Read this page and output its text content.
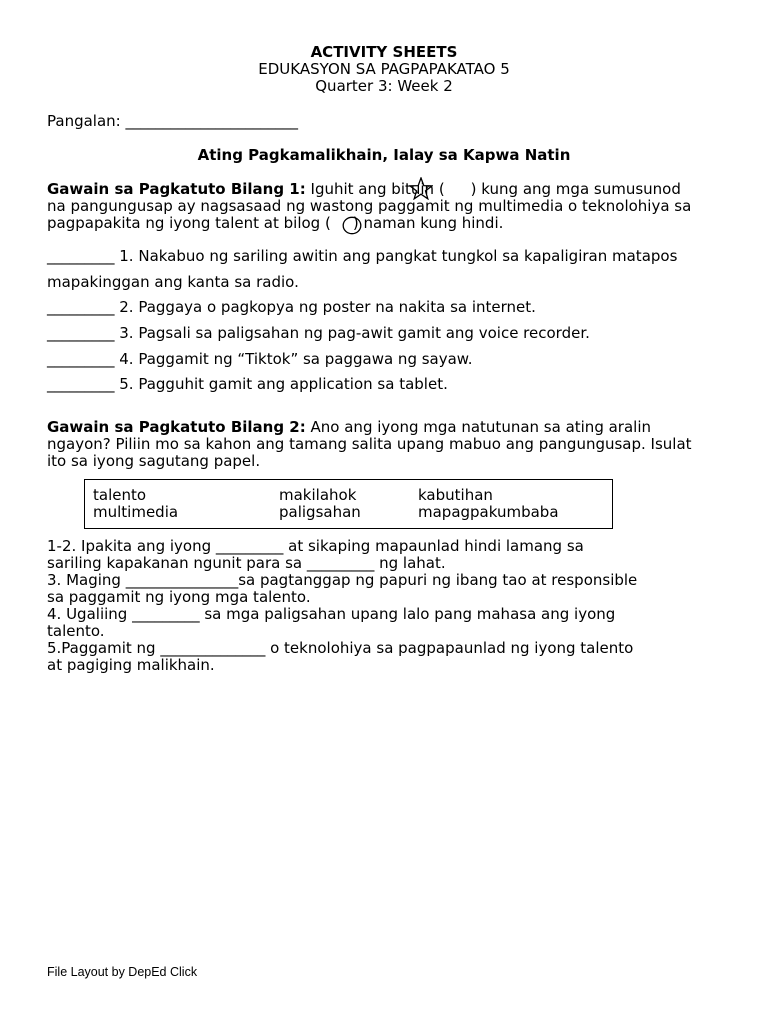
ACTIVITY SHEETS
EDUKASYON SA PAGPAPAKATAO 5
Quarter 3: Week 2
Pangalan: _______________________
Ating Pagkamalikhain, Ialay sa Kapwa Natin
Gawain sa Pagkatuto Bilang 1: Iguhit ang bituin ( ) kung ang mga sumusunod
na pangungusap ay nagsasaad ng wastong paggamit ng multimedia o teknolohiya sa
pagpapakita ng iyong talent at bilog ( ) naman kung hindi.
_________ 1. Nakabuo ng sariling awitin ang pangkat tungkol sa kapaligiran matapos
mapakinggan ang kanta sa radio.
_________ 2. Paggaya o pagkopya ng poster na nakita sa internet.
_________ 3. Pagsali sa paligsahan ng pag-awit gamit ang voice recorder.
_________ 4. Paggamit ng “Tiktok” sa paggawa ng sayaw.
_________ 5. Pagguhit gamit ang application sa tablet.
Gawain sa Pagkatuto Bilang 2: Ano ang iyong mga natutunan sa ating aralin
ngayon? Piliin mo sa kahon ang tamang salita upang mabuo ang pangungusap. Isulat
ito sa iyong sagutang papel.
talento	makilahok	kabutihan
multimedia	paligsahan	mapagpakumbaba
1-2. Ipakita ang iyong _________ at sikaping mapaunlad hindi lamang sa
sariling kapakanan ngunit para sa _________ ng lahat.
3. Maging _______________sa pagtanggap ng papuri ng ibang tao at responsible
sa paggamit ng iyong mga talento.
4. Ugaliing _________ sa mga paligsahan upang lalo pang mahasa ang iyong
talento.
5.Paggamit ng ______________ o teknolohiya sa pagpapaunlad ng iyong talento
at pagiging malikhain.
File Layout by DepEd Click
